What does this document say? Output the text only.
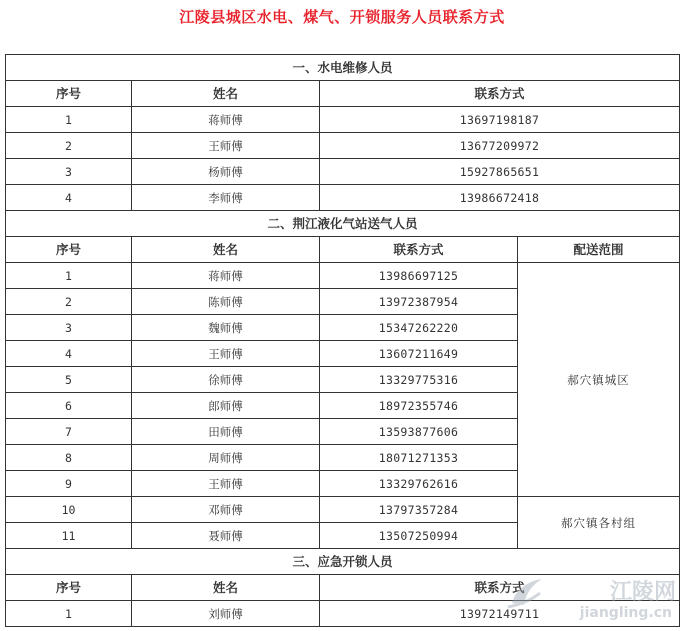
江陵县城区水电、煤气、开锁服务人员联系方式
一、水电维修人员			
序号	姓名	联系方式	
1	蒋师傅	13697198187	
2	王师傅	13677209972	
3	杨师傅	15927865651	
4	李师傅	13986672418	
二、荆江液化气站送气人员			
序号	姓名	联系方式	配送范围
1	蒋师傅	13986697125	郝穴镇城区
2	陈师傅	13972387954	
3	魏师傅	15347262220	
4	王师傅	13607211649	
5	徐师傅	13329775316	
6	郎师傅	18972355746	
7	田师傅	13593877606	
8	周师傅	18071271353	
9	王师傅	13329762616	
10	邓师傅	13797357284	郝穴镇各村组
11	聂师傅	13507250994	
三、应急开锁人员			
序号	姓名	联系方式	
1	刘师傅	13972149711	
江陵网
jiangling.cn
